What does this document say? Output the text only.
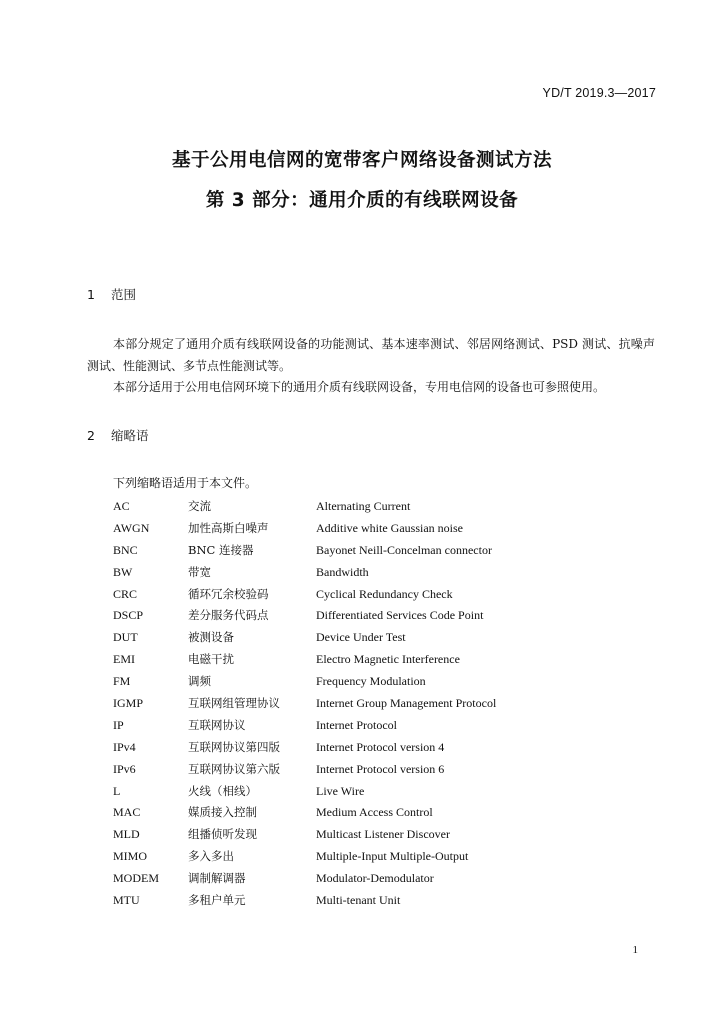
YD/T 2019.3—2017
基于公用电信网的宽带客户网络设备测试方法
第 3 部分：通用介质的有线联网设备
1 范围
本部分规定了通用介质有线联网设备的功能测试、基本速率测试、邻居网络测试、PSD 测试、抗噪声测试、性能测试、多节点性能测试等。
本部分适用于公用电信网环境下的通用介质有线联网设备，专用电信网的设备也可参照使用。
2 缩略语
下列缩略语适用于本文件。
AC	交流	Alternating Current
AWGN	加性高斯白噪声	Additive white Gaussian noise
BNC	BNC 连接器	Bayonet Neill-Concelman connector
BW	带宽	Bandwidth
CRC	循环冗余校验码	Cyclical Redundancy Check
DSCP	差分服务代码点	Differentiated Services Code Point
DUT	被测设备	Device Under Test
EMI	电磁干扰	Electro Magnetic Interference
FM	调频	Frequency Modulation
IGMP	互联网组管理协议	Internet Group Management Protocol
IP	互联网协议	Internet Protocol
IPv4	互联网协议第四版	Internet Protocol version 4
IPv6	互联网协议第六版	Internet Protocol version 6
L	火线（相线）	Live Wire
MAC	媒质接入控制	Medium Access Control
MLD	组播侦听发现	Multicast Listener Discover
MIMO	多入多出	Multiple-Input Multiple-Output
MODEM	调制解调器	Modulator-Demodulator
MTU	多租户单元	Multi-tenant Unit
1
